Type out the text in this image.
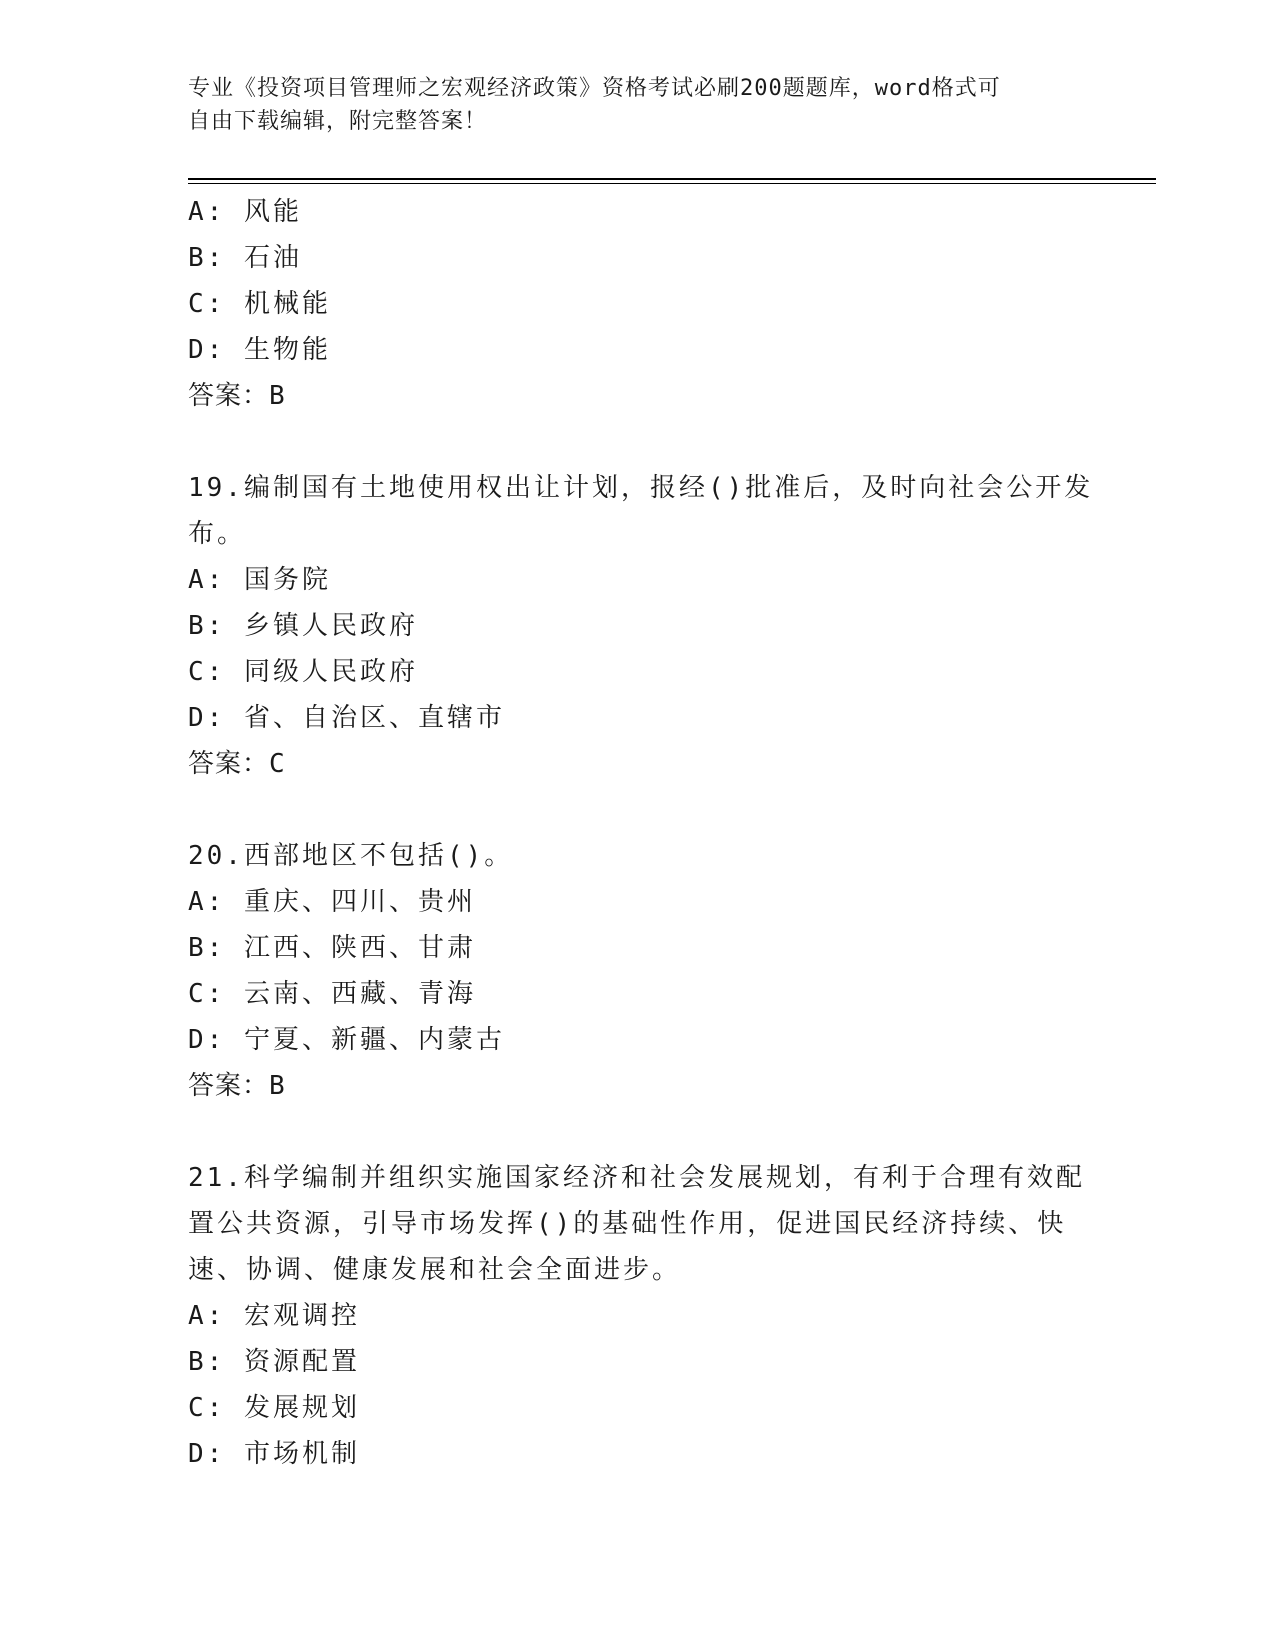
专业《投资项目管理师之宏观经济政策》资格考试必刷200题题库，word格式可
自由下载编辑，附完整答案！
A: 风能
B: 石油
C: 机械能
D: 生物能
答案：B
19.编制国有土地使用权出让计划，报经()批准后，及时向社会公开发
布。
A: 国务院
B: 乡镇人民政府
C: 同级人民政府
D: 省、自治区、直辖市
答案：C
20.西部地区不包括()。
A: 重庆、四川、贵州
B: 江西、陕西、甘肃
C: 云南、西藏、青海
D: 宁夏、新疆、内蒙古
答案：B
21.科学编制并组织实施国家经济和社会发展规划，有利于合理有效配
置公共资源，引导市场发挥()的基础性作用，促进国民经济持续、快
速、协调、健康发展和社会全面进步。
A: 宏观调控
B: 资源配置
C: 发展规划
D: 市场机制
